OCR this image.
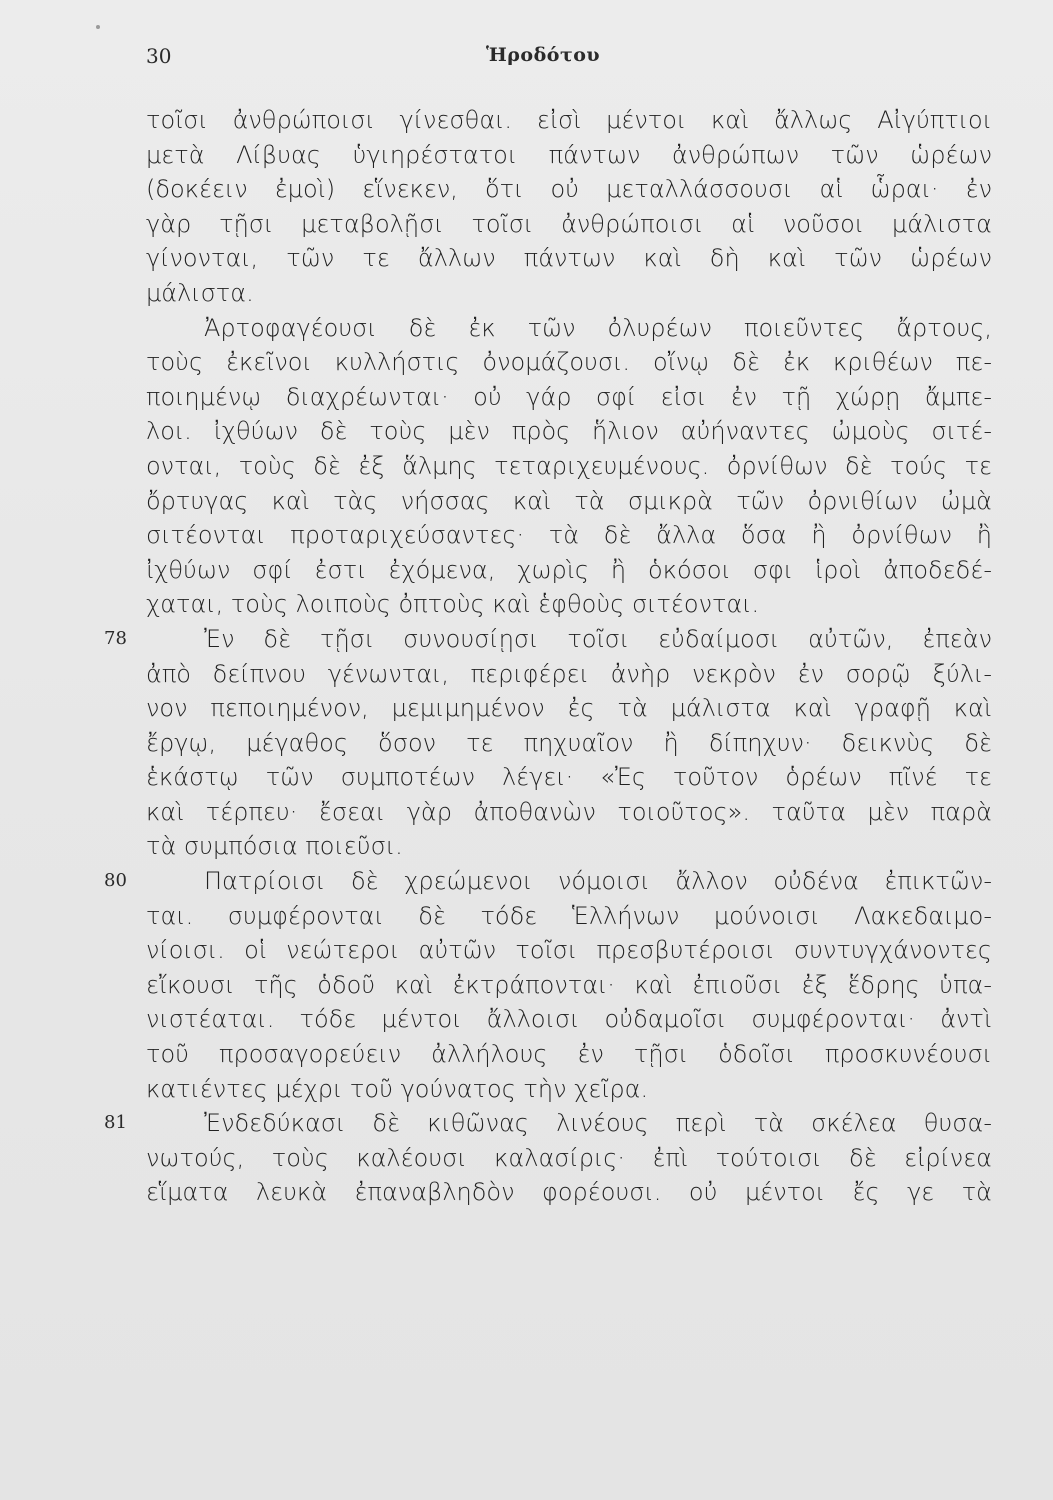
30	Ἡροδότου
τοῖσι ἀνθρώποισι γίνεσθαι. εἰσὶ μέντοι καὶ ἄλλως Αἰγύπτιοι
μετὰ Λίβυας ὑγιηρέστατοι πάντων ἀνθρώπων τῶν ὡρέων
(δοκέειν ἐμοὶ) εἵνεκεν, ὅτι οὐ μεταλλάσσουσι αἱ ὧραι· ἐν
γὰρ τῇσι μεταβολῇσι τοῖσι ἀνθρώποισι αἱ νοῦσοι μάλιστα
γίνονται, τῶν τε ἄλλων πάντων καὶ δὴ καὶ τῶν ὡρέων
μάλιστα.
Ἀρτοφαγέουσι δὲ ἐκ τῶν ὀλυρέων ποιεῦντες ἄρτους,
τοὺς ἐκεῖνοι κυλλήστις ὀνομάζουσι. οἴνῳ δὲ ἐκ κριθέων πε-
ποιημένῳ διαχρέωνται· οὐ γάρ σφί εἰσι ἐν τῇ χώρῃ ἄμπε-
λοι. ἰχθύων δὲ τοὺς μὲν πρὸς ἥλιον αὐήναντες ὠμοὺς σιτέ-
ονται, τοὺς δὲ ἐξ ἅλμης τεταριχευμένους. ὀρνίθων δὲ τούς τε
ὄρτυγας καὶ τὰς νήσσας καὶ τὰ σμικρὰ τῶν ὀρνιθίων ὠμὰ
σιτέονται προταριχεύσαντες· τὰ δὲ ἄλλα ὅσα ἢ ὀρνίθων ἢ
ἰχθύων σφί ἐστι ἐχόμενα, χωρὶς ἢ ὁκόσοι σφι ἱροὶ ἀποδεδέ-
χαται, τοὺς λοιποὺς ὀπτοὺς καὶ ἑφθοὺς σιτέονται.
78	Ἐν δὲ τῇσι συνουσίῃσι τοῖσι εὐδαίμοσι αὐτῶν, ἐπεὰν
ἀπὸ δείπνου γένωνται, περιφέρει ἀνὴρ νεκρὸν ἐν σορῷ ξύλι-
νον πεποιημένον, μεμιμημένον ἐς τὰ μάλιστα καὶ γραφῇ καὶ
ἔργῳ, μέγαθος ὅσον τε πηχυαῖον ἢ δίπηχυν· δεικνὺς δὲ
ἑκάστῳ τῶν συμποτέων λέγει· «Ἐς τοῦτον ὁρέων πῖνέ τε
καὶ τέρπευ· ἔσεαι γὰρ ἀποθανὼν τοιοῦτος». ταῦτα μὲν παρὰ
τὰ συμπόσια ποιεῦσι.
80	Πατρίοισι δὲ χρεώμενοι νόμοισι ἄλλον οὐδένα ἐπικτῶν-
ται. συμφέρονται δὲ τόδε Ἑλλήνων μούνοισι Λακεδαιμο-
νίοισι. οἱ νεώτεροι αὐτῶν τοῖσι πρεσβυτέροισι συντυγχάνοντες
εἴκουσι τῆς ὁδοῦ καὶ ἐκτράπονται· καὶ ἐπιοῦσι ἐξ ἕδρης ὑπα-
νιστέαται. τόδε μέντοι ἄλλοισι οὐδαμοῖσι συμφέρονται· ἀντὶ
τοῦ προσαγορεύειν ἀλλήλους ἐν τῇσι ὁδοῖσι προσκυνέουσι
κατιέντες μέχρι τοῦ γούνατος τὴν χεῖρα.
81	Ἐνδεδύκασι δὲ κιθῶνας λινέους περὶ τὰ σκέλεα θυσα-
νωτούς, τοὺς καλέουσι καλασίρις· ἐπὶ τούτοισι δὲ εἰρίνεα
εἵματα λευκὰ ἐπαναβληδὸν φορέουσι. οὐ μέντοι ἔς γε τὰ
